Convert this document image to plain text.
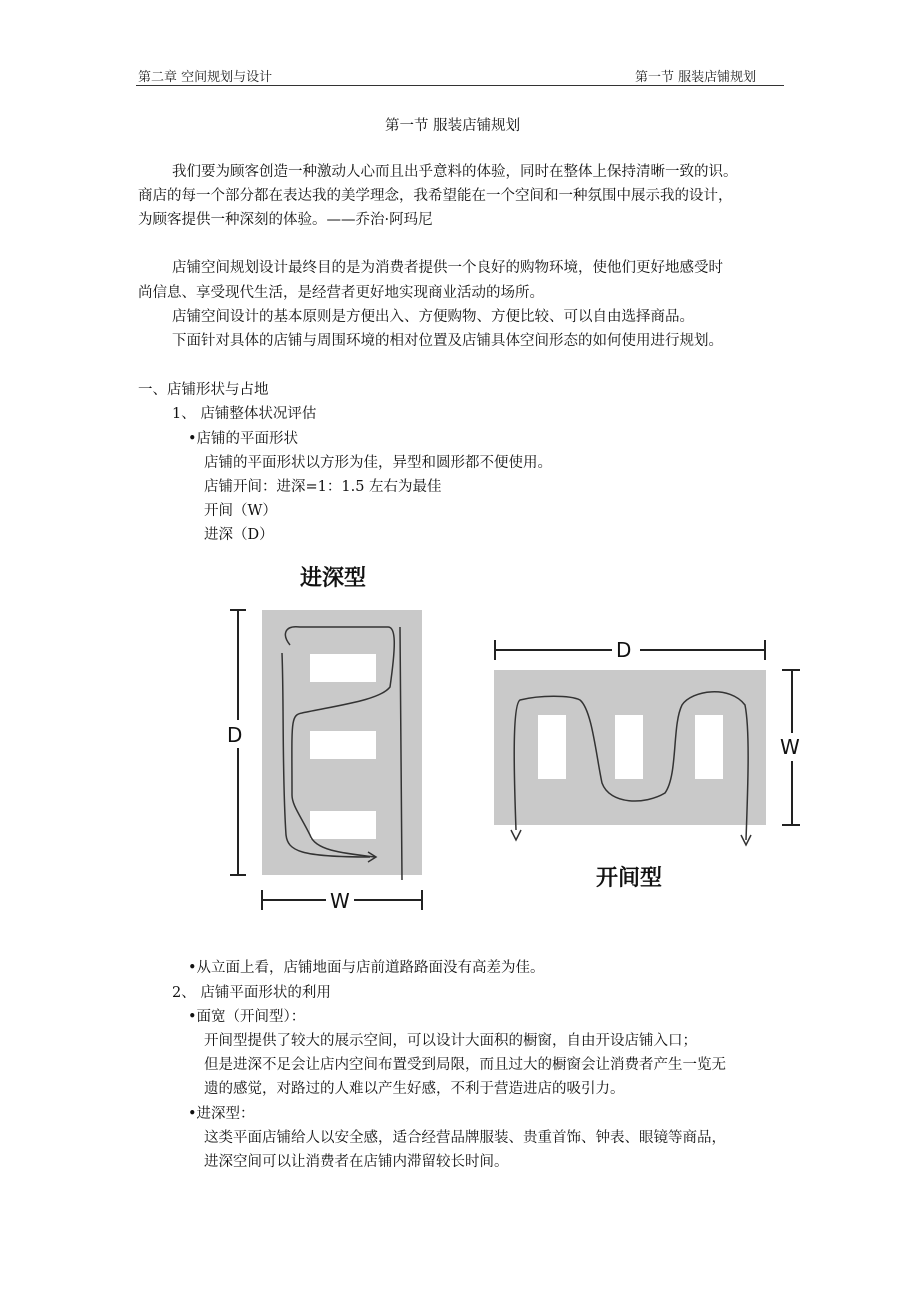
第二章 空间规划与设计	第一节 服装店铺规划
第一节 服装店铺规划
我们要为顾客创造一种激动人心而且出乎意料的体验，同时在整体上保持清晰一致的识。
商店的每一个部分都在表达我的美学理念，我希望能在一个空间和一种氛围中展示我的设计，
为顾客提供一种深刻的体验。——乔治·阿玛尼
店铺空间规划设计最终目的是为消费者提供一个良好的购物环境，使他们更好地感受时
尚信息、享受现代生活，是经营者更好地实现商业活动的场所。
店铺空间设计的基本原则是方便出入、方便购物、方便比较、可以自由选择商品。
下面针对具体的店铺与周围环境的相对位置及店铺具体空间形态的如何使用进行规划。
一、店铺形状与占地
1、 店铺整体状况评估
•店铺的平面形状
店铺的平面形状以方形为佳，异型和圆形都不便使用。
店铺开间：进深=1：1.5 左右为最佳
开间（W）
进深（D）
进深型
D
W
D
W
开间型
•从立面上看，店铺地面与店前道路路面没有高差为佳。
2、 店铺平面形状的利用
•面宽（开间型）：
开间型提供了较大的展示空间，可以设计大面积的橱窗，自由开设店铺入口；
但是进深不足会让店内空间布置受到局限，而且过大的橱窗会让消费者产生一览无
遗的感觉，对路过的人难以产生好感，不利于营造进店的吸引力。
•进深型：
这类平面店铺给人以安全感，适合经营品牌服装、贵重首饰、钟表、眼镜等商品，
进深空间可以让消费者在店铺内滞留较长时间。
